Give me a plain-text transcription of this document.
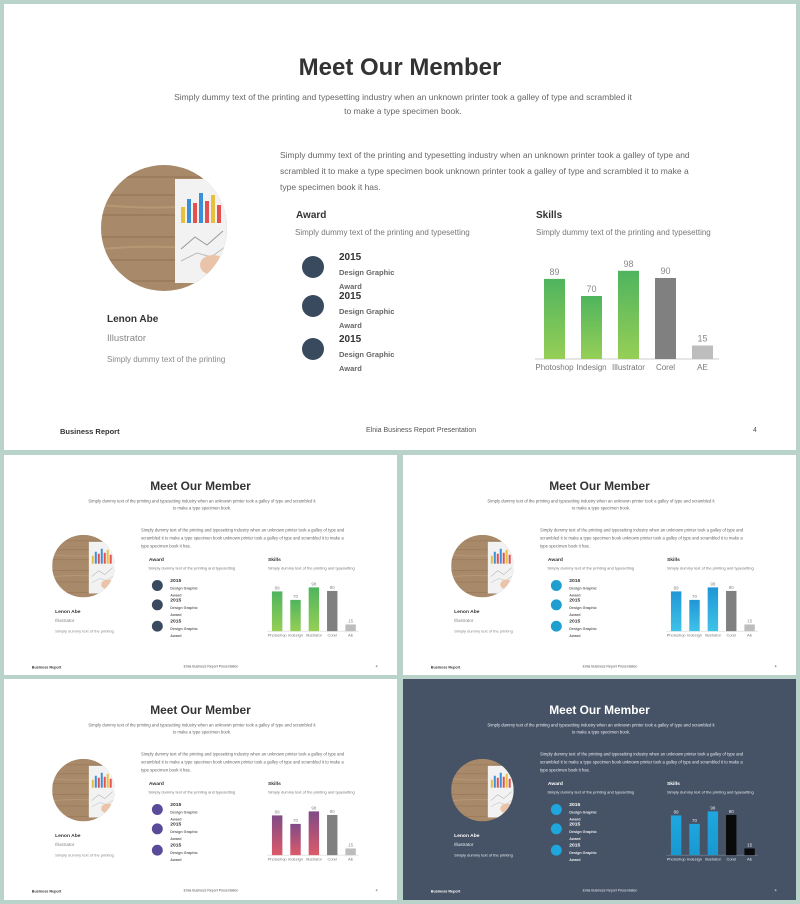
Meet Our Member
Simply dummy text of the printing and typesetting industry when an unknown printer took a galley of type and scrambled it to make a type specimen book.
Simply dummy text of the printing and typesetting industry when an unknown printer took a galley of type and scrambled it to make a type specimen book unknown printer took a galley of type and scrambled it to make a type specimen book it has.
Lenon Abe
Illustrator
Simply dummy text of the printing
Award
Simply dummy text of the printing and typesetting
2015
Design Graphic Award
2015
Design Graphic Award
2015
Design Graphic Award
Skills
Simply dummy text of the printing and typesetting
89
Photoshop
70
Indesign
98
Illustrator
90
Corel
15
AE
Business Report	Elnia Business Report Presentation	4
Meet Our Member
Simply dummy text of the printing and typesetting industry when an unknown printer took a galley of type and scrambled it to make a type specimen book.
Simply dummy text of the printing and typesetting industry when an unknown printer took a galley of type and scrambled it to make a type specimen book unknown printer took a galley of type and scrambled it to make a type specimen book it has.
Lenon Abe
Illustrator
Simply dummy text of the printing
Award
Simply dummy text of the printing and typesetting
2015
Design Graphic Award
2015
Design Graphic Award
2015
Design Graphic Award
Skills
Simply dummy text of the printing and typesetting
89
Photoshop
70
Indesign
98
Illustrator
90
Corel
15
AE
Business Report	Elnia Business Report Presentation	4
Meet Our Member
Simply dummy text of the printing and typesetting industry when an unknown printer took a galley of type and scrambled it to make a type specimen book.
Simply dummy text of the printing and typesetting industry when an unknown printer took a galley of type and scrambled it to make a type specimen book unknown printer took a galley of type and scrambled it to make a type specimen book it has.
Lenon Abe
Illustrator
Simply dummy text of the printing
Award
Simply dummy text of the printing and typesetting
2015
Design Graphic Award
2015
Design Graphic Award
2015
Design Graphic Award
Skills
Simply dummy text of the printing and typesetting
89
Photoshop
70
Indesign
98
Illustrator
90
Corel
15
AE
Business Report	Elnia Business Report Presentation	4
Meet Our Member
Simply dummy text of the printing and typesetting industry when an unknown printer took a galley of type and scrambled it to make a type specimen book.
Simply dummy text of the printing and typesetting industry when an unknown printer took a galley of type and scrambled it to make a type specimen book unknown printer took a galley of type and scrambled it to make a type specimen book it has.
Lenon Abe
Illustrator
Simply dummy text of the printing
Award
Simply dummy text of the printing and typesetting
2015
Design Graphic Award
2015
Design Graphic Award
2015
Design Graphic Award
Skills
Simply dummy text of the printing and typesetting
89
Photoshop
70
Indesign
98
Illustrator
90
Corel
15
AE
Business Report	Elnia Business Report Presentation	4
Meet Our Member
Simply dummy text of the printing and typesetting industry when an unknown printer took a galley of type and scrambled it to make a type specimen book.
Simply dummy text of the printing and typesetting industry when an unknown printer took a galley of type and scrambled it to make a type specimen book unknown printer took a galley of type and scrambled it to make a type specimen book it has.
Lenon Abe
Illustrator
Simply dummy text of the printing
Award
Simply dummy text of the printing and typesetting
2015
Design Graphic Award
2015
Design Graphic Award
2015
Design Graphic Award
Skills
Simply dummy text of the printing and typesetting
89
Photoshop
70
Indesign
98
Illustrator
90
Corel
15
AE
Business Report	Elnia Business Report Presentation	4
